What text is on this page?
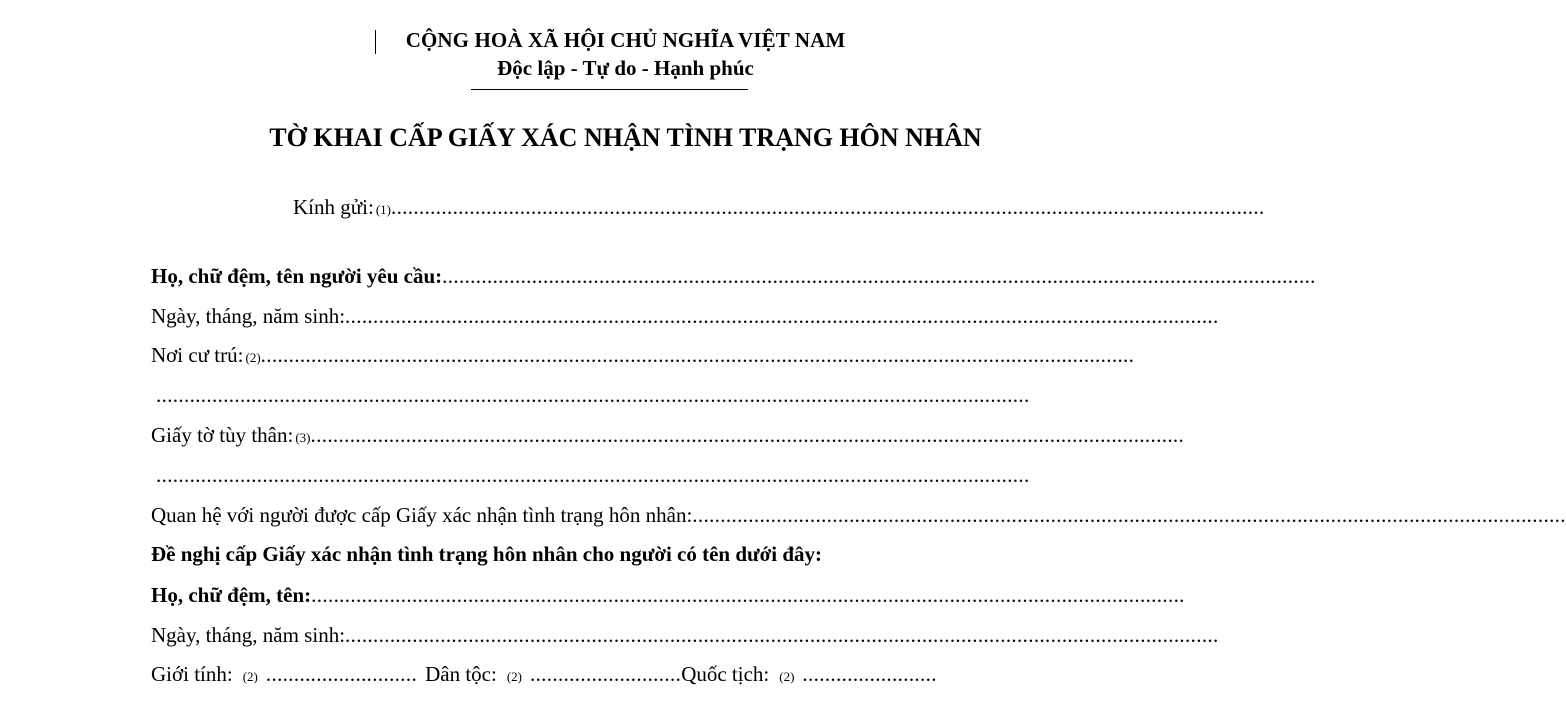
CỘNG HOÀ XÃ HỘI CHỦ NGHĨA VIỆT NAM
Độc lập - Tự do - Hạnh phúc
TỜ KHAI CẤP GIẤY XÁC NHẬN TÌNH TRẠNG HÔN NHÂN
Kính gửi: (1) ............................................................................................................................................................
Họ, chữ đệm, tên người yêu cầu: ............................................................................................................................................................
Ngày, tháng, năm sinh: ............................................................................................................................................................
Nơi cư trú: (2) ............................................................................................................................................................
............................................................................................................................................................
Giấy tờ tùy thân: (3) ............................................................................................................................................................
............................................................................................................................................................
Quan hệ với người được cấp Giấy xác nhận tình trạng hôn nhân: ............................................................................................................................................................
Đề nghị cấp Giấy xác nhận tình trạng hôn nhân cho người có tên dưới đây:
Họ, chữ đệm, tên: ............................................................................................................................................................
Ngày, tháng, năm sinh: ............................................................................................................................................................
Giới tính: (2) ........................... Dân tộc: (2) ........................... Quốc tịch: (2) ........................
